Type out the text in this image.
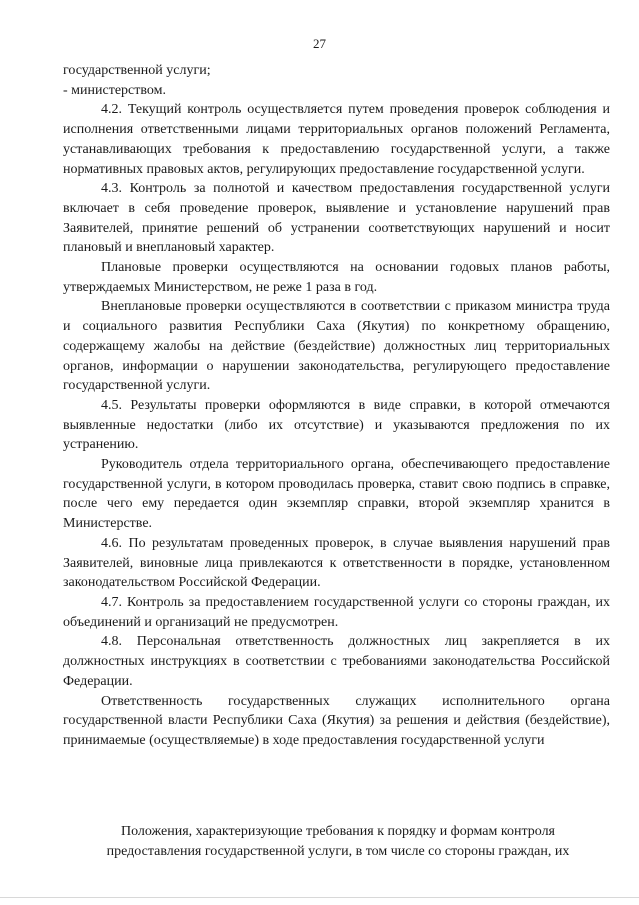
27

государственной услуги;

- министерством.

4.2. Текущий контроль осуществляется путем проведения проверок соблюдения и исполнения ответственными лицами территориальных органов положений Регламента, устанавливающих требования к предоставлению государственной услуги, а также нормативных правовых актов, регулирующих предоставление государственной услуги.

4.3. Контроль за полнотой и качеством предоставления государственной услуги включает в себя проведение проверок, выявление и установление нарушений прав Заявителей, принятие решений об устранении соответствующих нарушений и носит плановый и внеплановый характер.

Плановые проверки осуществляются на основании годовых планов работы, утверждаемых Министерством, не реже 1 раза в год.

Внеплановые проверки осуществляются в соответствии с приказом министра труда и социального развития Республики Саха (Якутия) по конкретному обращению, содержащему жалобы на действие (бездействие) должностных лиц территориальных органов, информации о нарушении законодательства, регулирующего предоставление государственной услуги.

4.5. Результаты проверки оформляются в виде справки, в которой отмечаются выявленные недостатки (либо их отсутствие) и указываются предложения по их устранению.

Руководитель отдела территориального органа, обеспечивающего предоставление государственной услуги, в котором проводилась проверка, ставит свою подпись в справке, после чего ему передается один экземпляр справки, второй экземпляр хранится в Министерстве.

4.6. По результатам проведенных проверок, в случае выявления нарушений прав Заявителей, виновные лица привлекаются к ответственности в порядке, установленном законодательством Российской Федерации.

4.7. Контроль за предоставлением государственной услуги со стороны граждан, их объединений и организаций не предусмотрен.

4.8. Персональная ответственность должностных лиц закрепляется в их должностных инструкциях в соответствии с требованиями законодательства Российской Федерации.

Ответственность государственных служащих исполнительного органа государственной власти Республики Саха (Якутия) за решения и действия (бездействие), принимаемые (осуществляемые) в ходе предоставления государственной услуги

Положения, характеризующие требования к порядку и формам контроля предоставления государственной услуги, в том числе со стороны граждан, их
